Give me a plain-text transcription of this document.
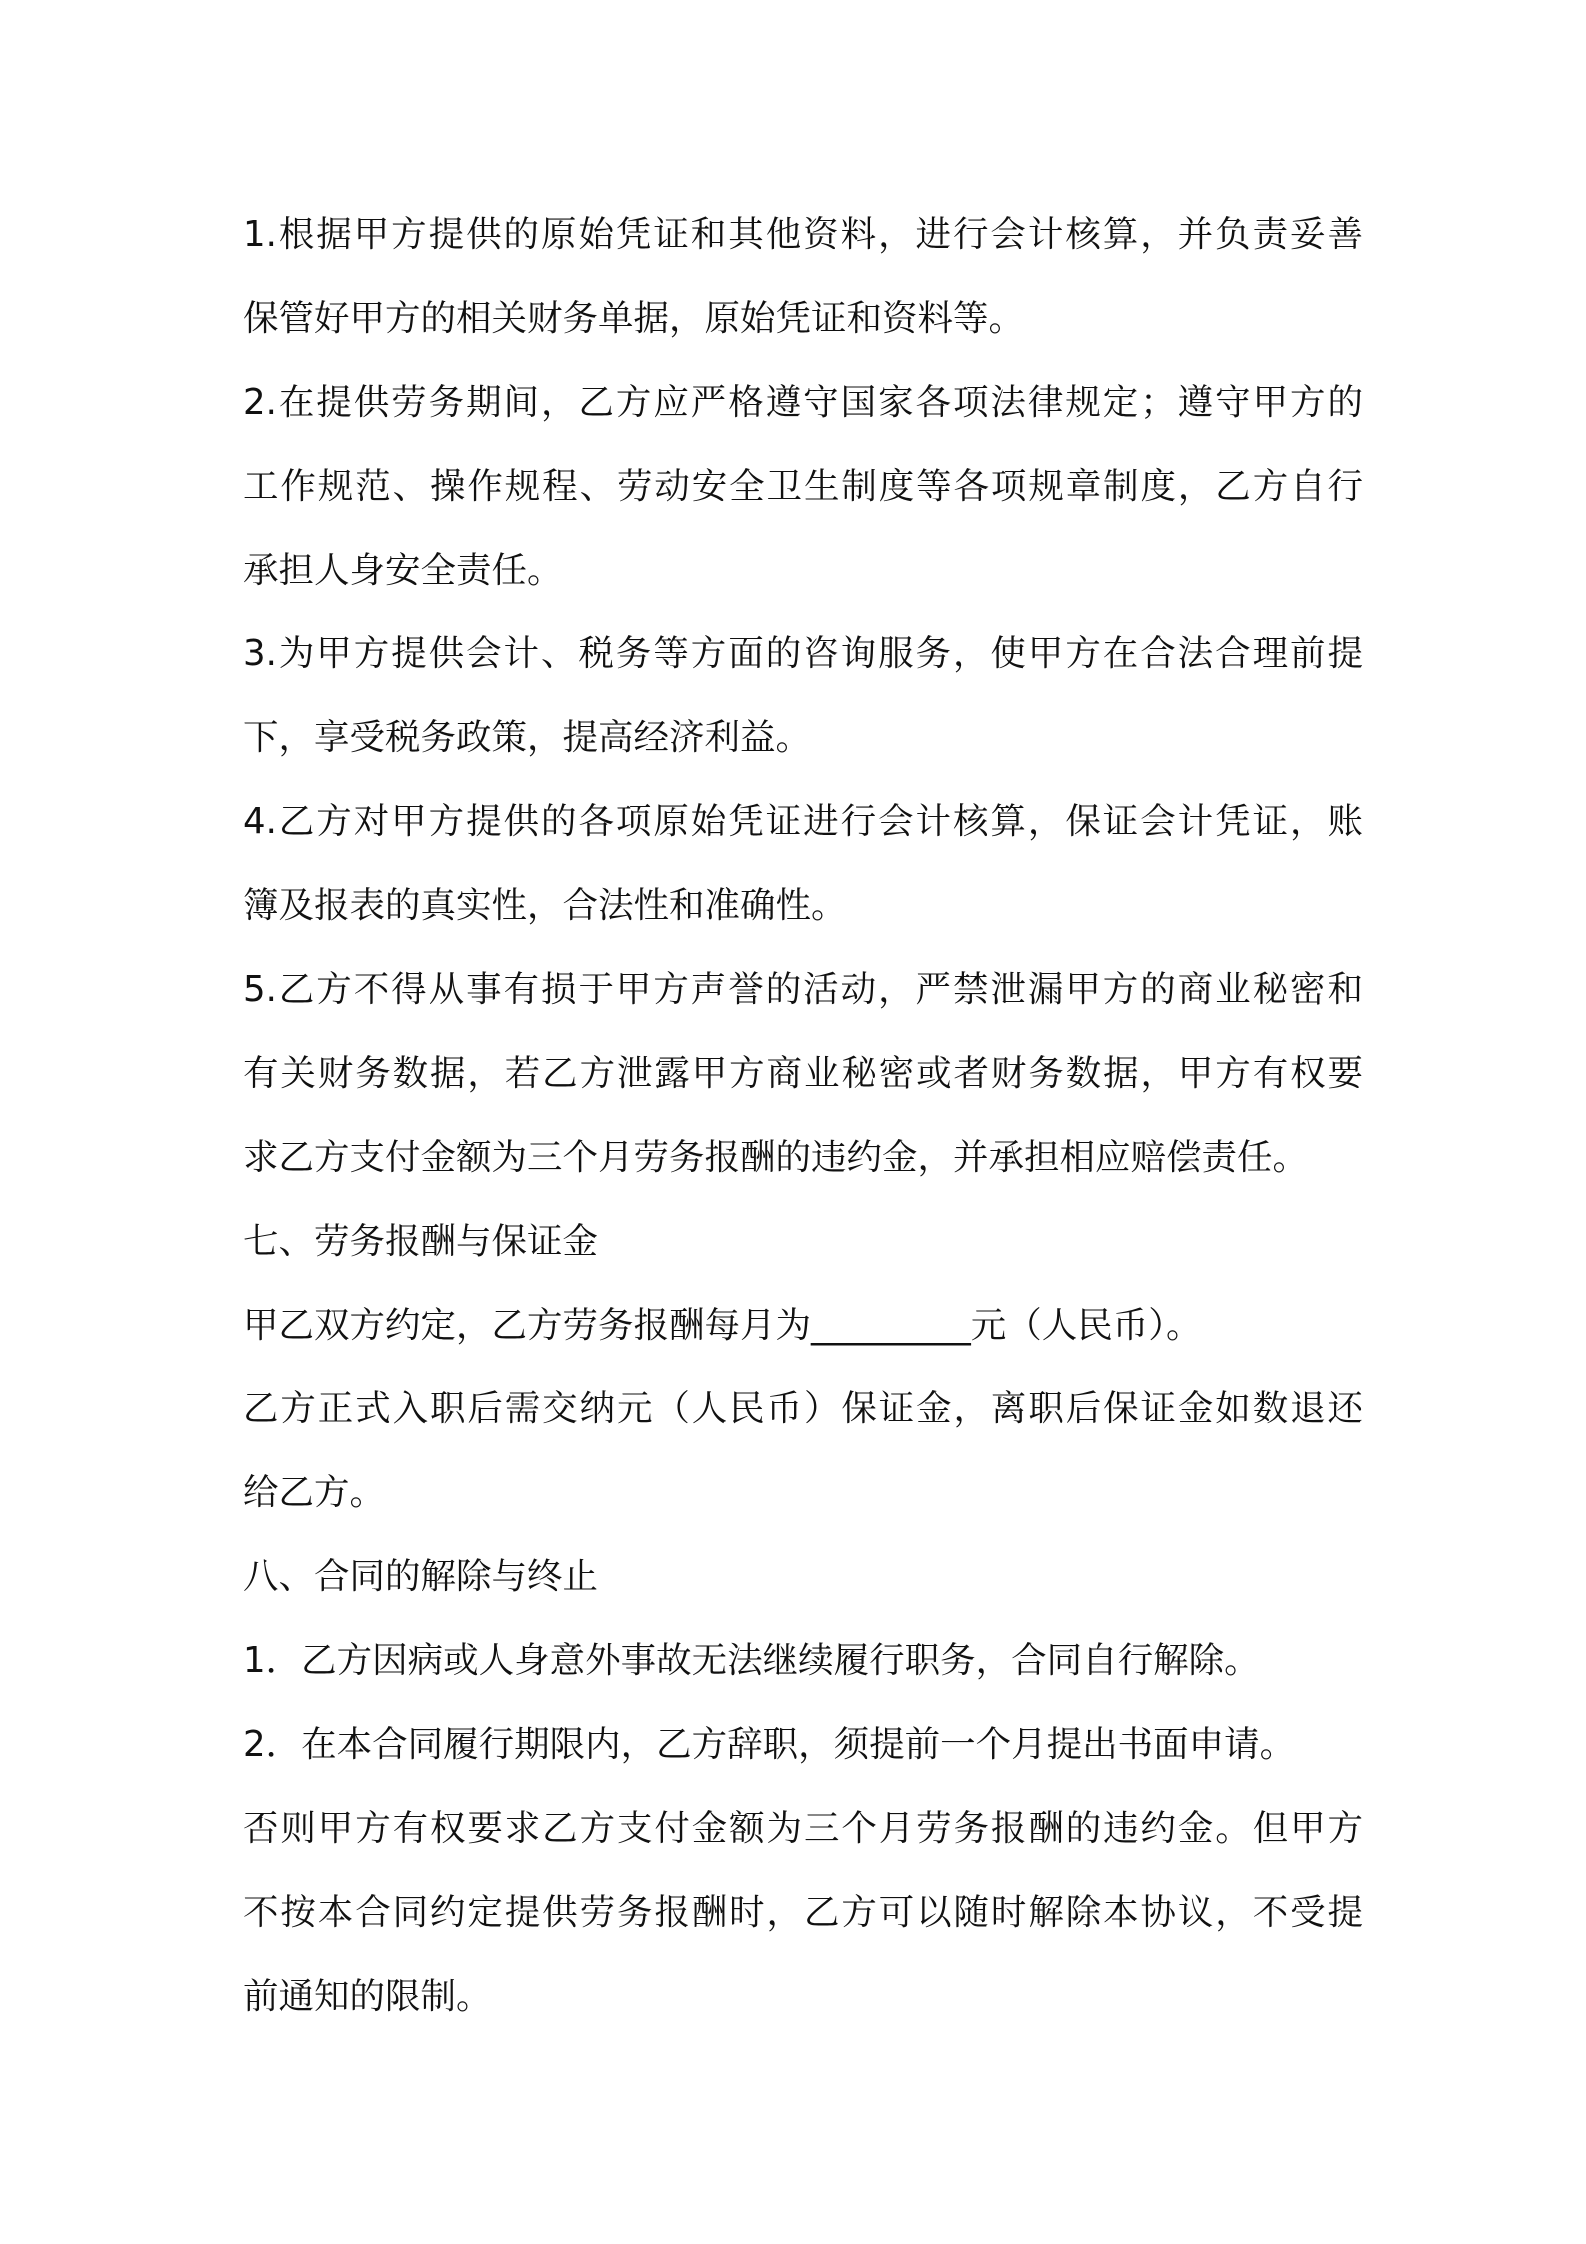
1.根据甲方提供的原始凭证和其他资料，进行会计核算，并负责妥善
保管好甲方的相关财务单据，原始凭证和资料等。
2.在提供劳务期间，乙方应严格遵守国家各项法律规定；遵守甲方的
工作规范、操作规程、劳动安全卫生制度等各项规章制度，乙方自行
承担人身安全责任。
3.为甲方提供会计、税务等方面的咨询服务，使甲方在合法合理前提
下，享受税务政策，提高经济利益。
4.乙方对甲方提供的各项原始凭证进行会计核算，保证会计凭证，账
簿及报表的真实性，合法性和准确性。
5.乙方不得从事有损于甲方声誉的活动，严禁泄漏甲方的商业秘密和
有关财务数据，若乙方泄露甲方商业秘密或者财务数据，甲方有权要
求乙方支付金额为三个月劳务报酬的违约金，并承担相应赔偿责任。
七、劳务报酬与保证金
甲乙双方约定，乙方劳务报酬每月为_________元（人民币）。
乙方正式入职后需交纳元（人民币）保证金，离职后保证金如数退还
给乙方。
八、合同的解除与终止
1．乙方因病或人身意外事故无法继续履行职务，合同自行解除。
2．在本合同履行期限内，乙方辞职，须提前一个月提出书面申请。
否则甲方有权要求乙方支付金额为三个月劳务报酬的违约金。但甲方
不按本合同约定提供劳务报酬时，乙方可以随时解除本协议，不受提
前通知的限制。
